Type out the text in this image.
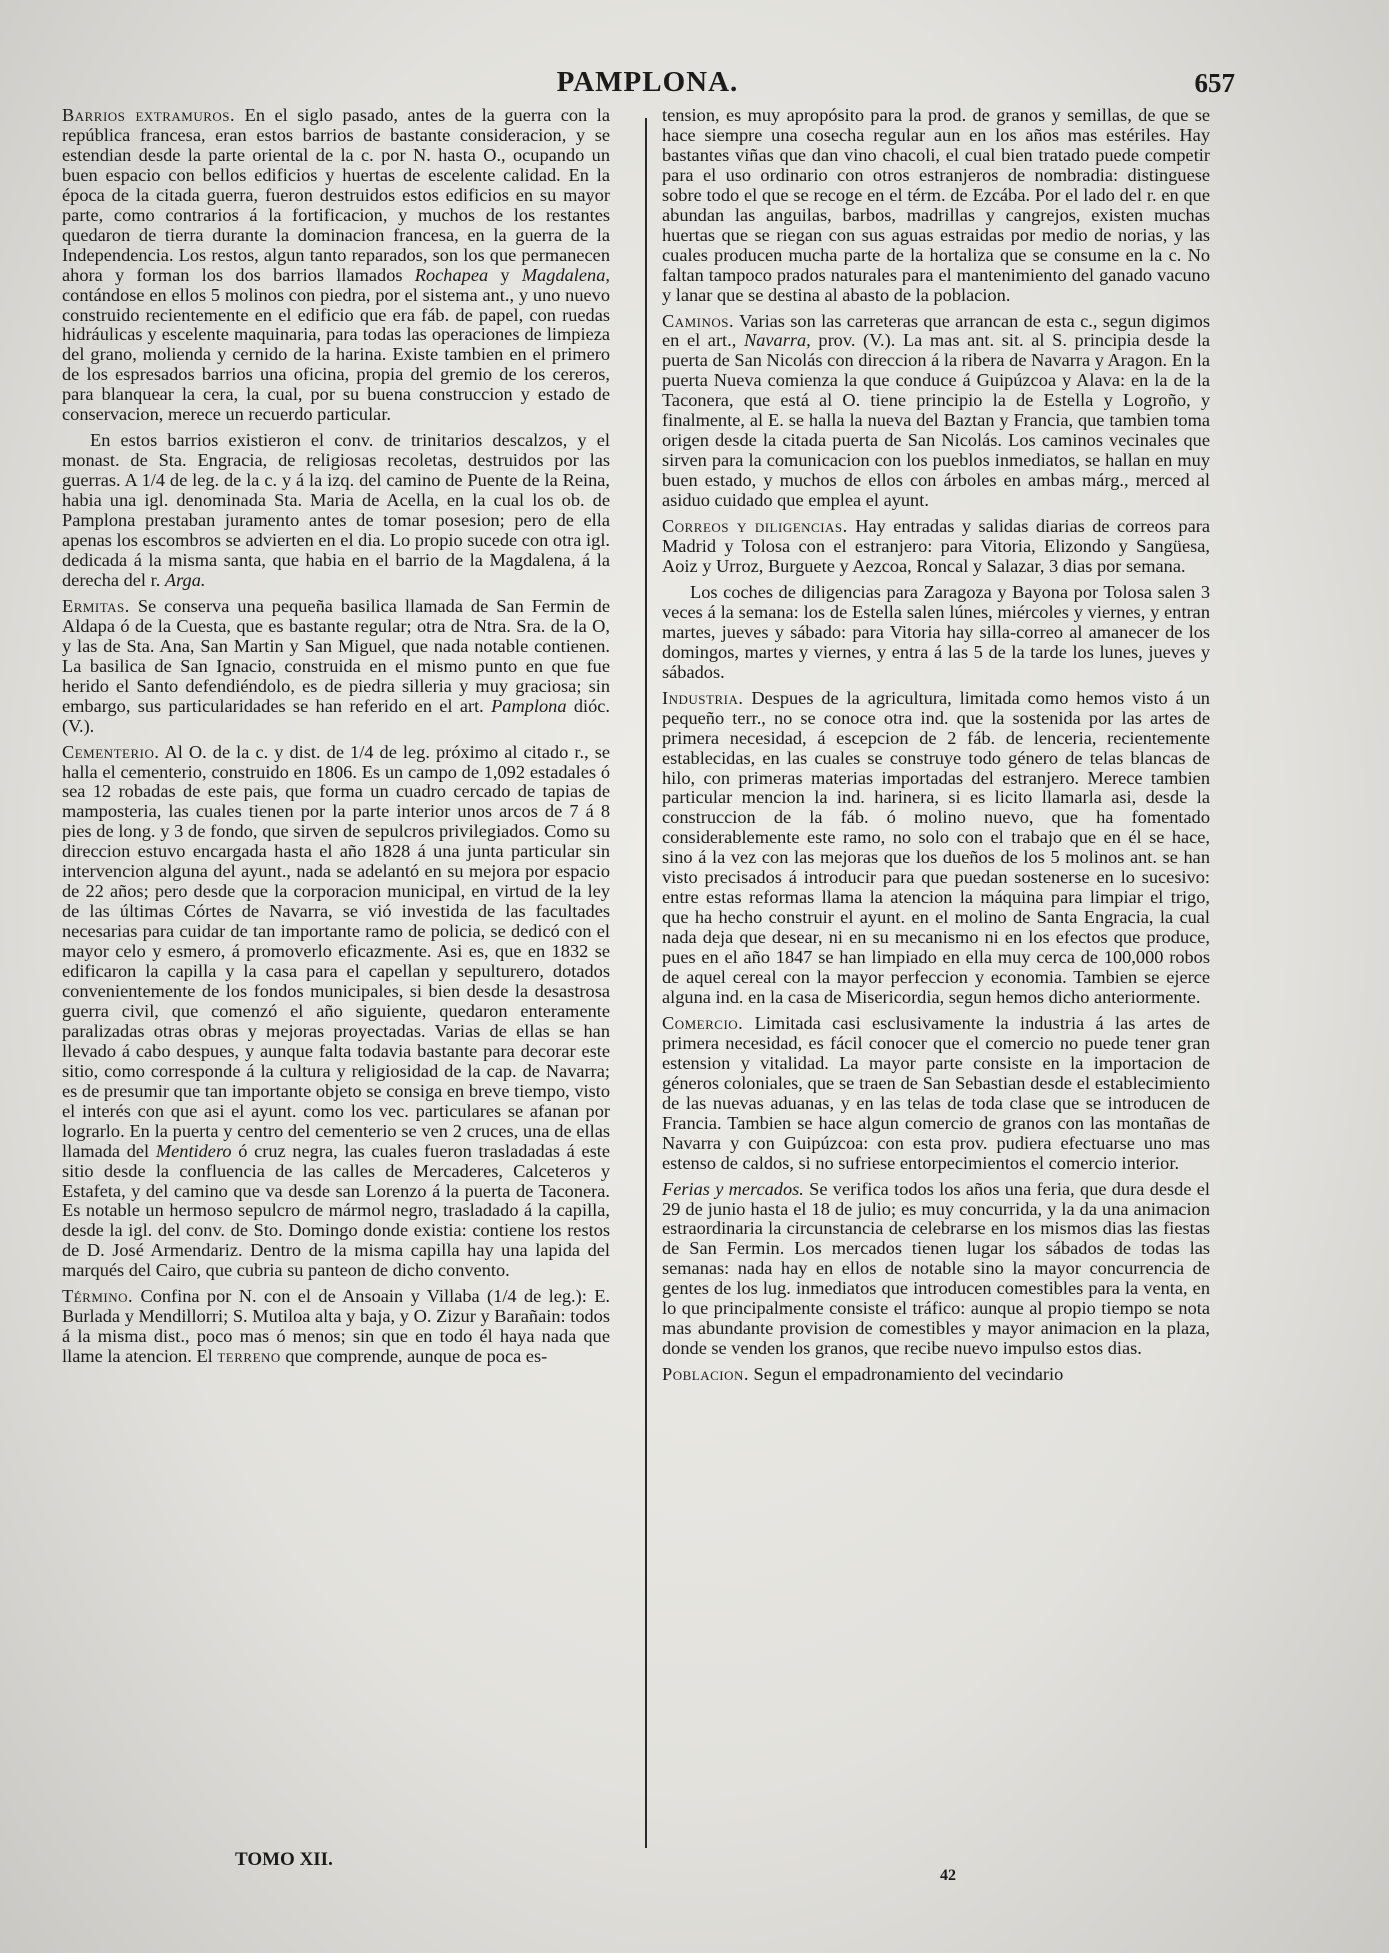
PAMPLONA.	657

Barrios extramuros. En el siglo pasado, antes de la guerra con la república francesa, eran estos barrios de bastante consideracion, y se estendian desde la parte oriental de la c. por N. hasta O., ocupando un buen espacio con bellos edificios y huertas de escelente calidad. En la época de la citada guerra, fueron destruidos estos edificios en su mayor parte, como contrarios á la fortificacion, y muchos de los restantes quedaron de tierra durante la dominacion francesa, en la guerra de la Independencia. Los restos, algun tanto reparados, son los que permanecen ahora y forman los dos barrios llamados Rochapea y Magdalena, contándose en ellos 5 molinos con piedra, por el sistema ant., y uno nuevo construido recientemente en el edificio que era fáb. de papel, con ruedas hidráulicas y escelente maquinaria, para todas las operaciones de limpieza del grano, molienda y cernido de la harina. Existe tambien en el primero de los espresados barrios una oficina, propia del gremio de los cereros, para blanquear la cera, la cual, por su buena construccion y estado de conservacion, merece un recuerdo particular.

En estos barrios existieron el conv. de trinitarios descalzos, y el monast. de Sta. Engracia, de religiosas recoletas, destruidos por las guerras. A 1/4 de leg. de la c. y á la izq. del camino de Puente de la Reina, habia una igl. denominada Sta. Maria de Acella, en la cual los ob. de Pamplona prestaban juramento antes de tomar posesion; pero de ella apenas los escombros se advierten en el dia. Lo propio sucede con otra igl. dedicada á la misma santa, que habia en el barrio de la Magdalena, á la derecha del r. Arga.

Ermitas. Se conserva una pequeña basilica llamada de San Fermin de Aldapa ó de la Cuesta, que es bastante regular; otra de Ntra. Sra. de la O, y las de Sta. Ana, San Martin y San Miguel, que nada notable contienen. La basilica de San Ignacio, construida en el mismo punto en que fue herido el Santo defendiéndolo, es de piedra silleria y muy graciosa; sin embargo, sus particularidades se han referido en el art. Pamplona dióc. (V.).

Cementerio. Al O. de la c. y dist. de 1/4 de leg. próximo al citado r., se halla el cementerio, construido en 1806. Es un campo de 1,092 estadales ó sea 12 robadas de este pais, que forma un cuadro cercado de tapias de mamposteria, las cuales tienen por la parte interior unos arcos de 7 á 8 pies de long. y 3 de fondo, que sirven de sepulcros privilegiados. Como su direccion estuvo encargada hasta el año 1828 á una junta particular sin intervencion alguna del ayunt., nada se adelantó en su mejora por espacio de 22 años; pero desde que la corporacion municipal, en virtud de la ley de las últimas Córtes de Navarra, se vió investida de las facultades necesarias para cuidar de tan importante ramo de policia, se dedicó con el mayor celo y esmero, á promoverlo eficazmente. Asi es, que en 1832 se edificaron la capilla y la casa para el capellan y sepulturero, dotados convenientemente de los fondos municipales, si bien desde la desastrosa guerra civil, que comenzó el año siguiente, quedaron enteramente paralizadas otras obras y mejoras proyectadas. Varias de ellas se han llevado á cabo despues, y aunque falta todavia bastante para decorar este sitio, como corresponde á la cultura y religiosidad de la cap. de Navarra; es de presumir que tan importante objeto se consiga en breve tiempo, visto el interés con que asi el ayunt. como los vec. particulares se afanan por lograrlo. En la puerta y centro del cementerio se ven 2 cruces, una de ellas llamada del Mentidero ó cruz negra, las cuales fueron trasladadas á este sitio desde la confluencia de las calles de Mercaderes, Calceteros y Estafeta, y del camino que va desde san Lorenzo á la puerta de Taconera. Es notable un hermoso sepulcro de mármol negro, trasladado á la capilla, desde la igl. del conv. de Sto. Domingo donde existia: contiene los restos de D. José Armendariz. Dentro de la misma capilla hay una lapida del marqués del Cairo, que cubria su panteon de dicho convento.

Término. Confina por N. con el de Ansoain y Villaba (1/4 de leg.): E. Burlada y Mendillorri; S. Mutiloa alta y baja, y O. Zizur y Barañain: todos á la misma dist., poco mas ó menos; sin que en todo él haya nada que llame la atencion. El terreno que comprende, aunque de poca es-

tension, es muy apropósito para la prod. de granos y semillas, de que se hace siempre una cosecha regular aun en los años mas estériles. Hay bastantes viñas que dan vino chacoli, el cual bien tratado puede competir para el uso ordinario con otros estranjeros de nombradia: distinguese sobre todo el que se recoge en el térm. de Ezcába. Por el lado del r. en que abundan las anguilas, barbos, madrillas y cangrejos, existen muchas huertas que se riegan con sus aguas estraidas por medio de norias, y las cuales producen mucha parte de la hortaliza que se consume en la c. No faltan tampoco prados naturales para el mantenimiento del ganado vacuno y lanar que se destina al abasto de la poblacion.

Caminos. Varias son las carreteras que arrancan de esta c., segun digimos en el art., Navarra, prov. (V.). La mas ant. sit. al S. principia desde la puerta de San Nicolás con direccion á la ribera de Navarra y Aragon. En la puerta Nueva comienza la que conduce á Guipúzcoa y Alava: en la de la Taconera, que está al O. tiene principio la de Estella y Logroño, y finalmente, al E. se halla la nueva del Baztan y Francia, que tambien toma origen desde la citada puerta de San Nicolás. Los caminos vecinales que sirven para la comunicacion con los pueblos inmediatos, se hallan en muy buen estado, y muchos de ellos con árboles en ambas márg., merced al asiduo cuidado que emplea el ayunt.

Correos y diligencias. Hay entradas y salidas diarias de correos para Madrid y Tolosa con el estranjero: para Vitoria, Elizondo y Sangüesa, Aoiz y Urroz, Burguete y Aezcoa, Roncal y Salazar, 3 dias por semana.

Los coches de diligencias para Zaragoza y Bayona por Tolosa salen 3 veces á la semana: los de Estella salen lúnes, miércoles y viernes, y entran martes, jueves y sábado: para Vitoria hay silla-correo al amanecer de los domingos, martes y viernes, y entra á las 5 de la tarde los lunes, jueves y sábados.

Industria. Despues de la agricultura, limitada como hemos visto á un pequeño terr., no se conoce otra ind. que la sostenida por las artes de primera necesidad, á escepcion de 2 fáb. de lenceria, recientemente establecidas, en las cuales se construye todo género de telas blancas de hilo, con primeras materias importadas del estranjero. Merece tambien particular mencion la ind. harinera, si es licito llamarla asi, desde la construccion de la fáb. ó molino nuevo, que ha fomentado considerablemente este ramo, no solo con el trabajo que en él se hace, sino á la vez con las mejoras que los dueños de los 5 molinos ant. se han visto precisados á introducir para que puedan sostenerse en lo sucesivo: entre estas reformas llama la atencion la máquina para limpiar el trigo, que ha hecho construir el ayunt. en el molino de Santa Engracia, la cual nada deja que desear, ni en su mecanismo ni en los efectos que produce, pues en el año 1847 se han limpiado en ella muy cerca de 100,000 robos de aquel cereal con la mayor perfeccion y economia. Tambien se ejerce alguna ind. en la casa de Misericordia, segun hemos dicho anteriormente.

Comercio. Limitada casi esclusivamente la industria á las artes de primera necesidad, es fácil conocer que el comercio no puede tener gran estension y vitalidad. La mayor parte consiste en la importacion de géneros coloniales, que se traen de San Sebastian desde el establecimiento de las nuevas aduanas, y en las telas de toda clase que se introducen de Francia. Tambien se hace algun comercio de granos con las montañas de Navarra y con Guipúzcoa: con esta prov. pudiera efectuarse uno mas estenso de caldos, si no sufriese entorpecimientos el comercio interior.

Ferias y mercados. Se verifica todos los años una feria, que dura desde el 29 de junio hasta el 18 de julio; es muy concurrida, y la da una animacion estraordinaria la circunstancia de celebrarse en los mismos dias las fiestas de San Fermin. Los mercados tienen lugar los sábados de todas las semanas: nada hay en ellos de notable sino la mayor concurrencia de gentes de los lug. inmediatos que introducen comestibles para la venta, en lo que principalmente consiste el tráfico: aunque al propio tiempo se nota mas abundante provision de comestibles y mayor animacion en la plaza, donde se venden los granos, que recibe nuevo impulso estos dias.

Poblacion. Segun el empadronamiento del vecindario

TOMO XII.
42
